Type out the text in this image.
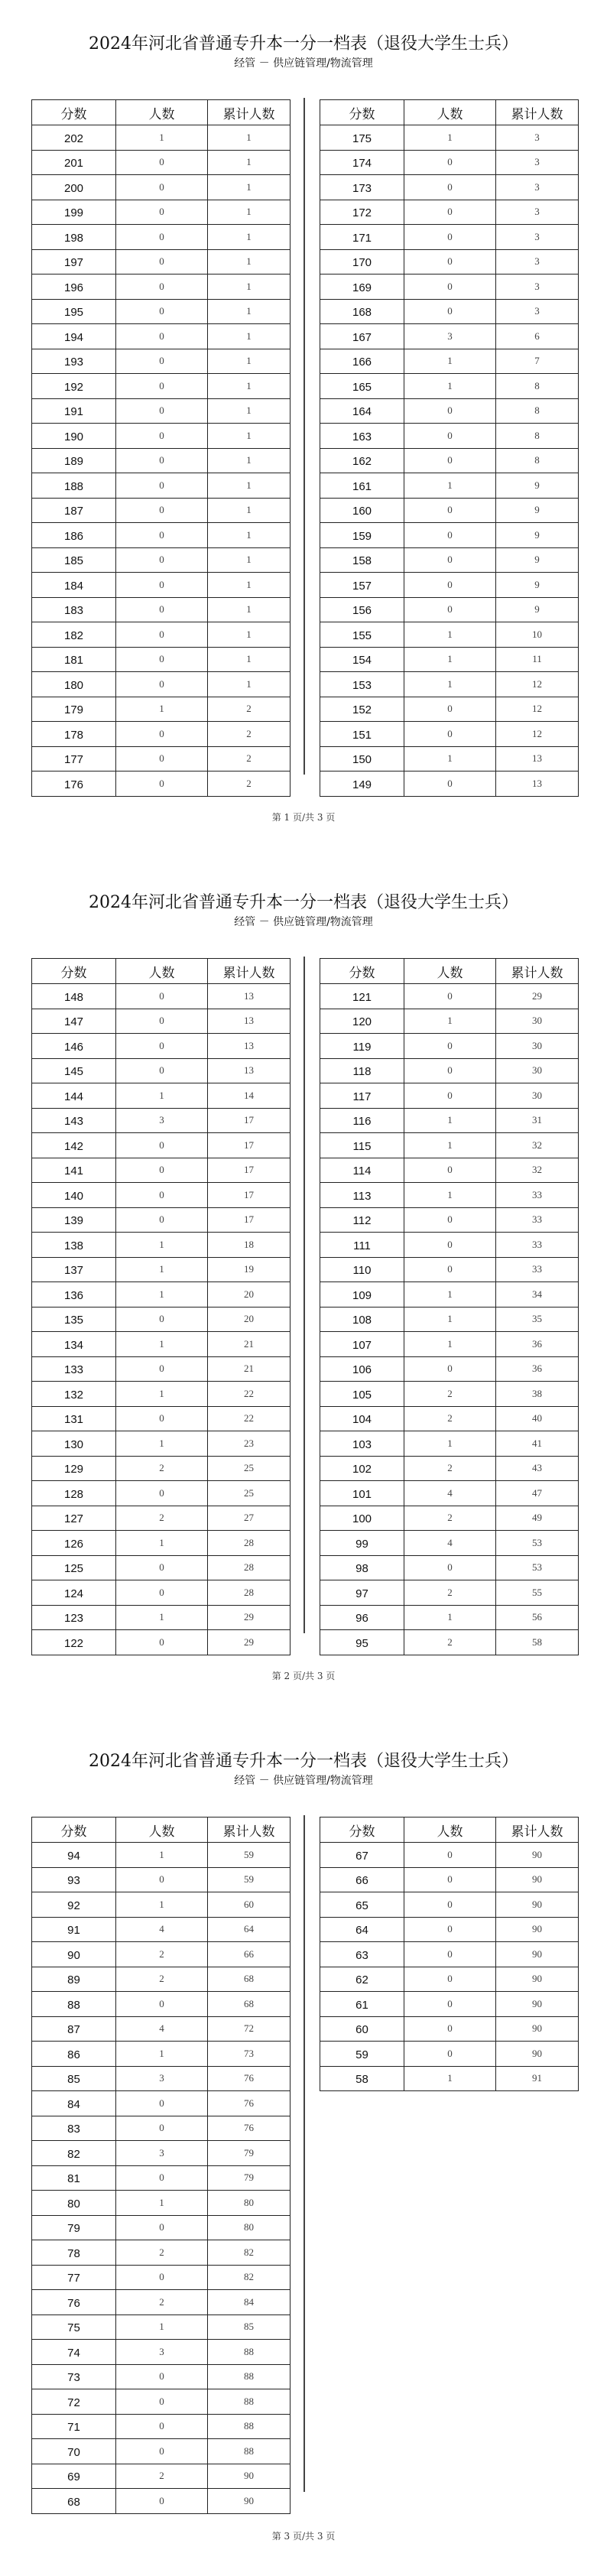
2024年河北省普通专升本一分一档表（退役大学生士兵）
经管 － 供应链管理/物流管理
分数	人数	累计人数
202	1	1
201	0	1
200	0	1
199	0	1
198	0	1
197	0	1
196	0	1
195	0	1
194	0	1
193	0	1
192	0	1
191	0	1
190	0	1
189	0	1
188	0	1
187	0	1
186	0	1
185	0	1
184	0	1
183	0	1
182	0	1
181	0	1
180	0	1
179	1	2
178	0	2
177	0	2
176	0	2
分数	人数	累计人数
175	1	3
174	0	3
173	0	3
172	0	3
171	0	3
170	0	3
169	0	3
168	0	3
167	3	6
166	1	7
165	1	8
164	0	8
163	0	8
162	0	8
161	1	9
160	0	9
159	0	9
158	0	9
157	0	9
156	0	9
155	1	10
154	1	11
153	1	12
152	0	12
151	0	12
150	1	13
149	0	13
第 1 页/共 3 页
2024年河北省普通专升本一分一档表（退役大学生士兵）
经管 － 供应链管理/物流管理
分数	人数	累计人数
148	0	13
147	0	13
146	0	13
145	0	13
144	1	14
143	3	17
142	0	17
141	0	17
140	0	17
139	0	17
138	1	18
137	1	19
136	1	20
135	0	20
134	1	21
133	0	21
132	1	22
131	0	22
130	1	23
129	2	25
128	0	25
127	2	27
126	1	28
125	0	28
124	0	28
123	1	29
122	0	29
分数	人数	累计人数
121	0	29
120	1	30
119	0	30
118	0	30
117	0	30
116	1	31
115	1	32
114	0	32
113	1	33
112	0	33
111	0	33
110	0	33
109	1	34
108	1	35
107	1	36
106	0	36
105	2	38
104	2	40
103	1	41
102	2	43
101	4	47
100	2	49
99	4	53
98	0	53
97	2	55
96	1	56
95	2	58
第 2 页/共 3 页
2024年河北省普通专升本一分一档表（退役大学生士兵）
经管 － 供应链管理/物流管理
分数	人数	累计人数
94	1	59
93	0	59
92	1	60
91	4	64
90	2	66
89	2	68
88	0	68
87	4	72
86	1	73
85	3	76
84	0	76
83	0	76
82	3	79
81	0	79
80	1	80
79	0	80
78	2	82
77	0	82
76	2	84
75	1	85
74	3	88
73	0	88
72	0	88
71	0	88
70	0	88
69	2	90
68	0	90
分数	人数	累计人数
67	0	90
66	0	90
65	0	90
64	0	90
63	0	90
62	0	90
61	0	90
60	0	90
59	0	90
58	1	91
第 3 页/共 3 页
